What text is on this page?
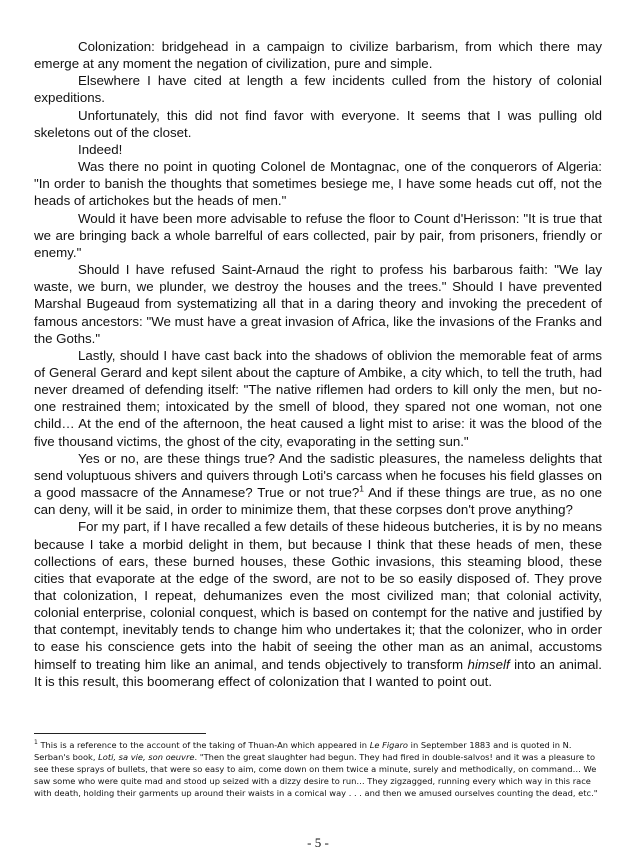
Colonization: bridgehead in a campaign to civilize barbarism, from which there may emerge at any moment the negation of civilization, pure and simple.

Elsewhere I have cited at length a few incidents culled from the history of colonial expeditions.

Unfortunately, this did not find favor with everyone. It seems that I was pulling old skeletons out of the closet.

Indeed!

Was there no point in quoting Colonel de Montagnac, one of the conquerors of Algeria: "In order to banish the thoughts that sometimes besiege me, I have some heads cut off, not the heads of artichokes but the heads of men."

Would it have been more advisable to refuse the floor to Count d'Herisson: "It is true that we are bringing back a whole barrelful of ears collected, pair by pair, from prisoners, friendly or enemy."

Should I have refused Saint-Arnaud the right to profess his barbarous faith: "We lay waste, we burn, we plunder, we destroy the houses and the trees." Should I have prevented Marshal Bugeaud from systematizing all that in a daring theory and invoking the precedent of famous ancestors: "We must have a great invasion of Africa, like the invasions of the Franks and the Goths."

Lastly, should I have cast back into the shadows of oblivion the memorable feat of arms of General Gerard and kept silent about the capture of Ambike, a city which, to tell the truth, had never dreamed of defending itself: "The native riflemen had orders to kill only the men, but no-one restrained them; intoxicated by the smell of blood, they spared not one woman, not one child… At the end of the afternoon, the heat caused a light mist to arise: it was the blood of the five thousand victims, the ghost of the city, evaporating in the setting sun."

Yes or no, are these things true? And the sadistic pleasures, the nameless delights that send voluptuous shivers and quivers through Loti's carcass when he focuses his field glasses on a good massacre of the Annamese? True or not true?$^1$ And if these things are true, as no one can deny, will it be said, in order to minimize them, that these corpses don't prove anything?

For my part, if I have recalled a few details of these hideous butcheries, it is by no means because I take a morbid delight in them, but because I think that these heads of men, these collections of ears, these burned houses, these Gothic invasions, this steaming blood, these cities that evaporate at the edge of the sword, are not to be so easily disposed of. They prove that colonization, I repeat, dehumanizes even the most civilized man; that colonial activity, colonial enterprise, colonial conquest, which is based on contempt for the native and justified by that contempt, inevitably tends to change him who undertakes it; that the colonizer, who in order to ease his conscience gets into the habit of seeing the other man as an animal, accustoms himself to treating him like an animal, and tends objectively to transform himself into an animal. It is this result, this boomerang effect of colonization that I wanted to point out.

$^1$ This is a reference to the account of the taking of Thuan-An which appeared in Le Figaro in September 1883 and is quoted in N. Serban's book, Loti, sa vie, son oeuvre. "Then the great slaughter had begun. They had fired in double-salvos! and it was a pleasure to see these sprays of bullets, that were so easy to aim, come down on them twice a minute, surely and methodically, on command… We saw some who were quite mad and stood up seized with a dizzy desire to run… They zigzagged, running every which way in this race with death, holding their garments up around their waists in a comical way . . . and then we amused ourselves counting the dead, etc."

- 5 -
